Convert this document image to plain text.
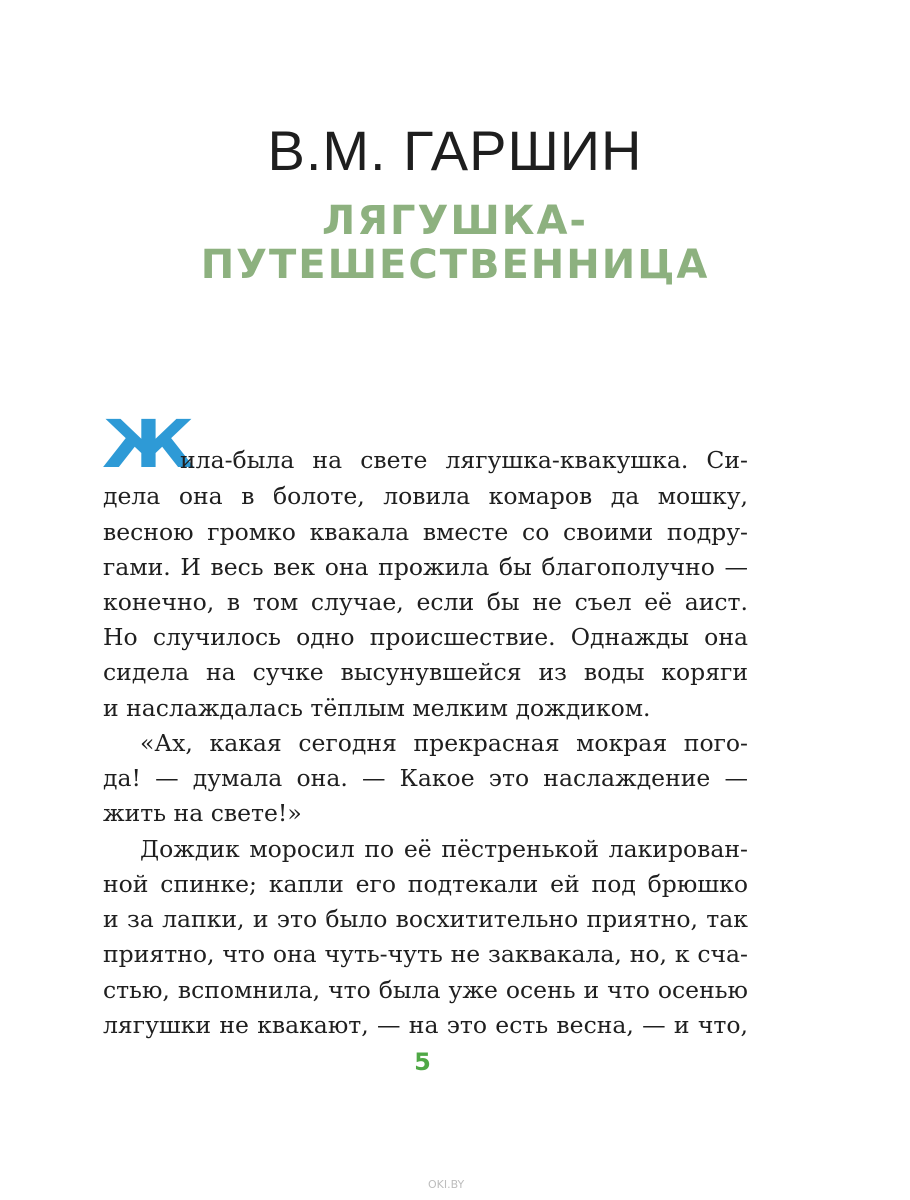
В.М. ГАРШИН
ЛЯГУШКА-
ПУТЕШЕСТВЕННИЦА
Ж
ила-была на свете лягушка-квакушка. Си-
дела она в болоте, ловила комаров да мошку,
весною громко квакала вместе со своими подру-
гами. И весь век она прожила бы благополучно —
конечно, в том случае, если бы не съел её аист.
Но случилось одно происшествие. Однажды она
сидела на сучке высунувшейся из воды коряги
и наслаждалась тёплым мелким дождиком.
«Ах, какая сегодня прекрасная мокрая пого-
да! — думала она. — Какое это наслаждение —
жить на свете!»
Дождик моросил по её пёстренькой лакирован-
ной спинке; капли его подтекали ей под брюшко
и за лапки, и это было восхитительно приятно, так
приятно, что она чуть-чуть не заквакала, но, к сча-
стью, вспомнила, что была уже осень и что осенью
лягушки не квакают, — на это есть весна, — и что,
5
OKI.BY
